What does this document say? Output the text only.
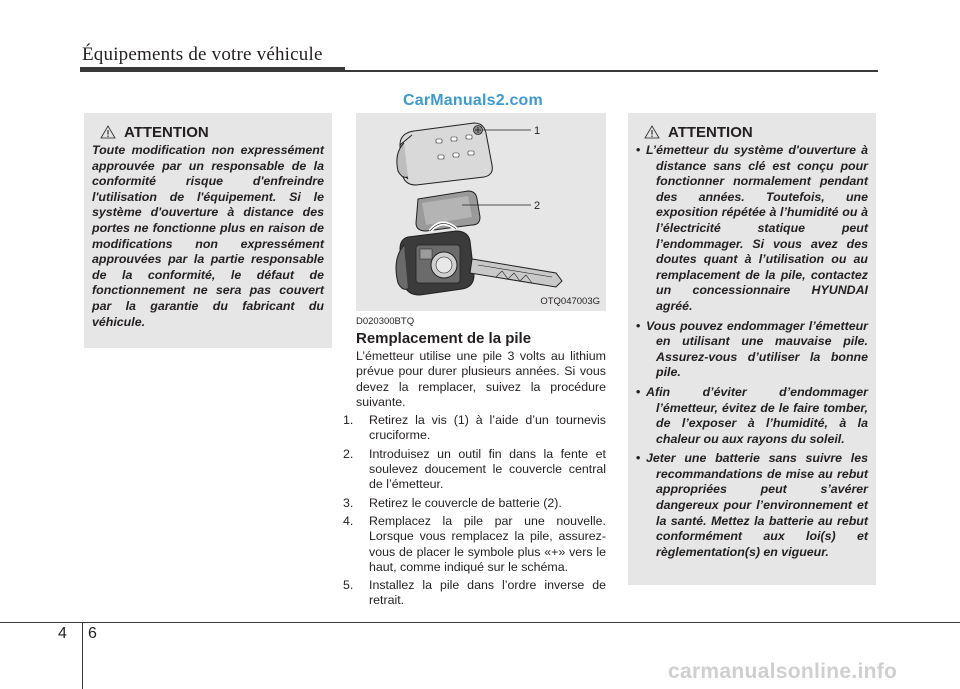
Équipements de votre véhicule
CarManuals2.com
ATTENTION

Toute modification non expressément approuvée par un responsable de la conformité risque d'enfreindre l'utilisation de l'équipement. Si le système d'ouverture à distance des portes ne fonctionne plus en raison de modifications non expressément approuvées par la partie responsable de la conformité, le défaut de fonctionnement ne sera pas couvert par la garantie du fabricant du véhicule.

1
2
OTQ047003G
D020300BTQ
Remplacement de la pile

L’émetteur utilise une pile 3 volts au lithium prévue pour durer plusieurs années. Si vous devez la remplacer, suivez la procédure suivante.

1. Retirez la vis (1) à l’aide d’un tournevis cruciforme.
2. Introduisez un outil fin dans la fente et soulevez doucement le couvercle central de l’émetteur.
3. Retirez le couvercle de batterie (2).
4. Remplacez la pile par une nouvelle. Lorsque vous remplacez la pile, assurez-vous de placer le symbole plus «+» vers le haut, comme indiqué sur le schéma.
5. Installez la pile dans l’ordre inverse de retrait.
ATTENTION
• L’émetteur du système d'ouverture à distance sans clé est conçu pour fonctionner normalement pendant des années. Toutefois, une exposition répétée à l’humidité ou à l’électricité statique peut l’endommager. Si vous avez des doutes quant à l’utilisation ou au remplacement de la pile, contactez un concessionnaire HYUNDAI agréé.
• Vous pouvez endommager l’émetteur en utilisant une mauvaise pile. Assurez-vous d’utiliser la bonne pile.
• Afin d’éviter d’endommager l’émetteur, évitez de le faire tomber, de l’exposer à l’humidité, à la chaleur ou aux rayons du soleil.
• Jeter une batterie sans suivre les recommandations de mise au rebut appropriées peut s’avérer dangereux pour l’environnement et la santé. Mettez la batterie au rebut conformément aux loi(s) et règlementation(s) en vigueur.
4 6
carmanualsonline.info
